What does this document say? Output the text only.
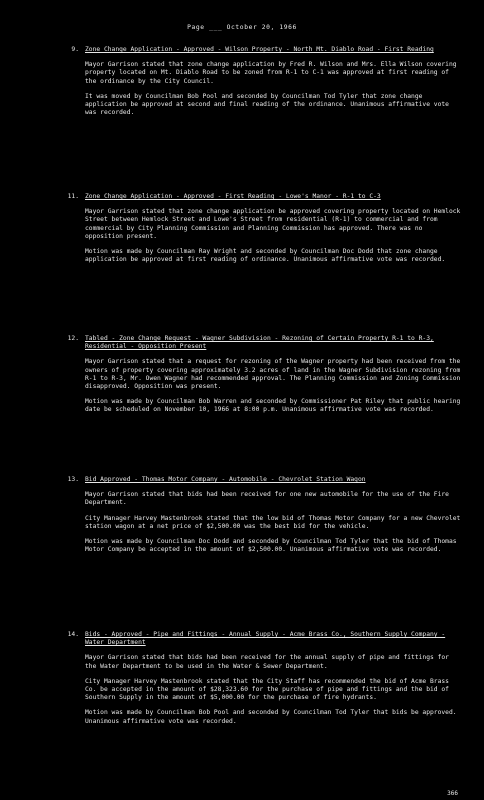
Page ___ October 20, 1966
9. Zone Change Application - Approved - Wilson Property - North Mt. Diablo Road - First Reading
Mayor Garrison stated that zone change application by Fred R. Wilson and Mrs. Ella Wilson covering property located on Mt. Diablo Road to be zoned from R-1 to C-1 was approved at first reading of the ordinance by the City Council.
It was moved by Councilman Bob Pool and seconded by Councilman Tod Tyler that zone change application be approved at second and final reading of the ordinance. Unanimous affirmative vote was recorded.
11. Zone Change Application - Approved - First Reading - Lowe's Manor - R-1 to C-3
Mayor Garrison stated that zone change application be approved covering property located on Hemlock Street between Hemlock Street and Lowe's Street from residential (R-1) to commercial and from commercial by City Planning Commission and Planning Commission has approved. There was no opposition present.
Motion was made by Councilman Ray Wright and seconded by Councilman Doc Dodd that zone change application be approved at first reading of ordinance. Unanimous affirmative vote was recorded.
12. Tabled - Zone Change Request - Wagner Subdivision - Rezoning of Certain Property R-1 to R-3, Residential - Opposition Present
Mayor Garrison stated that a request for rezoning of the Wagner property had been received from the owners of property covering approximately 3.2 acres of land in the Wagner Subdivision rezoning from R-1 to R-3, Mr. Owen Wagner had recommended approval. The Planning Commission and Zoning Commission disapproved. Opposition was present.
Motion was made by Councilman Bob Warren and seconded by Commissioner Pat Riley that public hearing date be scheduled on November 10, 1966 at 8:00 p.m. Unanimous affirmative vote was recorded.
13. Bid Approved - Thomas Motor Company - Automobile - Chevrolet Station Wagon
Mayor Garrison stated that bids had been received for one new automobile for the use of the Fire Department.
City Manager Harvey Mastenbrook stated that the low bid of Thomas Motor Company for a new Chevrolet station wagon at a net price of $2,500.00 was the best bid for the vehicle.
Motion was made by Councilman Doc Dodd and seconded by Councilman Tod Tyler that the bid of Thomas Motor Company be accepted in the amount of $2,500.00. Unanimous affirmative vote was recorded.
14. Bids - Approved - Pipe and Fittings - Annual Supply - Acme Brass Co., Southern Supply Company - Water Department
Mayor Garrison stated that bids had been received for the annual supply of pipe and fittings for the Water Department to be used in the Water & Sewer Department.
City Manager Harvey Mastenbrook stated that the City Staff has recommended the bid of Acme Brass Co. be accepted in the amount of $28,323.60 for the purchase of pipe and fittings and the bid of Southern Supply in the amount of $5,000.00 for the purchase of fire hydrants.
Motion was made by Councilman Bob Pool and seconded by Councilman Tod Tyler that bids be approved. Unanimous affirmative vote was recorded.
366
